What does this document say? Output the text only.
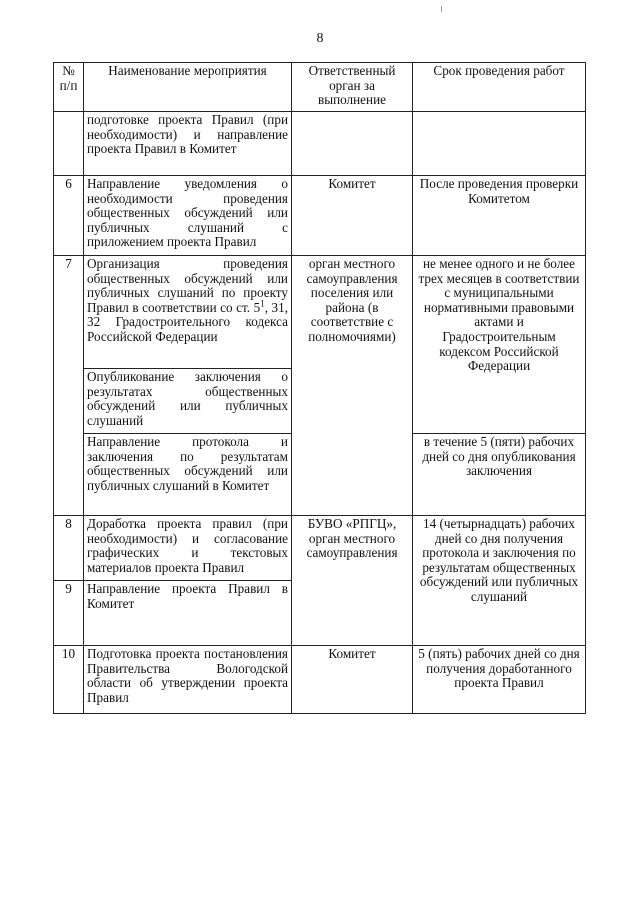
8
№ п/п	Наименование мероприятия	Ответственный орган за выполнение	Срок проведения работ
	подготовке проекта Правил (при необходимости) и направление проекта Правил в Комитет		
6	Направление уведомления о необходимости проведения общественных обсуждений или публичных слушаний с приложением проекта Правил	Комитет	После проведения проверки Комитетом
7	Организация проведения общественных обсуждений или публичных слушаний по проекту Правил в соответствии со ст. $5^1$, 31, 32 Градостроительного кодекса Российской Федерации	орган местного самоуправления поселения или района (в соответствие с полномочиями)	не менее одного и не более трех месяцев в соответствии с муниципальными нормативными правовыми актами и Градостроительным кодексом Российской Федерации
	Опубликование заключения о результатах общественных обсуждений или публичных слушаний		
	Направление протокола и заключения по результатам общественных обсуждений или публичных слушаний в Комитет		в течение 5 (пяти) рабочих дней со дня опубликования заключения
8	Доработка проекта правил (при необходимости) и согласование графических и текстовых материалов проекта Правил	БУВО «РПГЦ», орган местного самоуправления	14 (четырнадцать) рабочих дней со дня получения протокола и заключения по результатам общественных обсуждений или публичных слушаний
9	Направление проекта Правил в Комитет		
10	Подготовка проекта постановления Правительства Вологодской области об утверждении проекта Правил	Комитет	5 (пять) рабочих дней со дня получения доработанного проекта Правил
